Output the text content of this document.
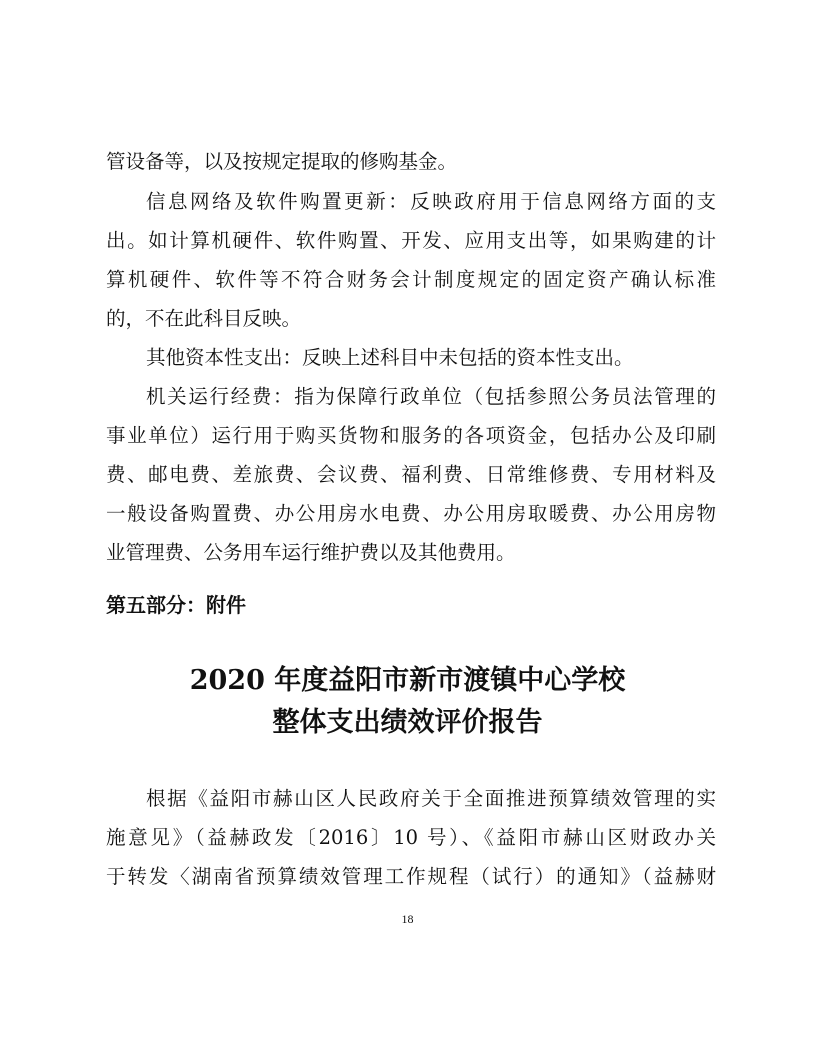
管设备等，以及按规定提取的修购基金。
信息网络及软件购置更新：反映政府用于信息网络方面的支
出。如计算机硬件、软件购置、开发、应用支出等，如果购建的计
算机硬件、软件等不符合财务会计制度规定的固定资产确认标准
的，不在此科目反映。
其他资本性支出：反映上述科目中未包括的资本性支出。
机关运行经费：指为保障行政单位（包括参照公务员法管理的
事业单位）运行用于购买货物和服务的各项资金，包括办公及印刷
费、邮电费、差旅费、会议费、福利费、日常维修费、专用材料及
一般设备购置费、办公用房水电费、办公用房取暖费、办公用房物
业管理费、公务用车运行维护费以及其他费用。
第五部分：附件
2020 年度益阳市新市渡镇中心学校
整体支出绩效评价报告
根据《益阳市赫山区人民政府关于全面推进预算绩效管理的实
施意见》（益赫政发〔2016〕10 号）、《益阳市赫山区财政办关
于转发〈湖南省预算绩效管理工作规程（试行）的通知》（益赫财
18
